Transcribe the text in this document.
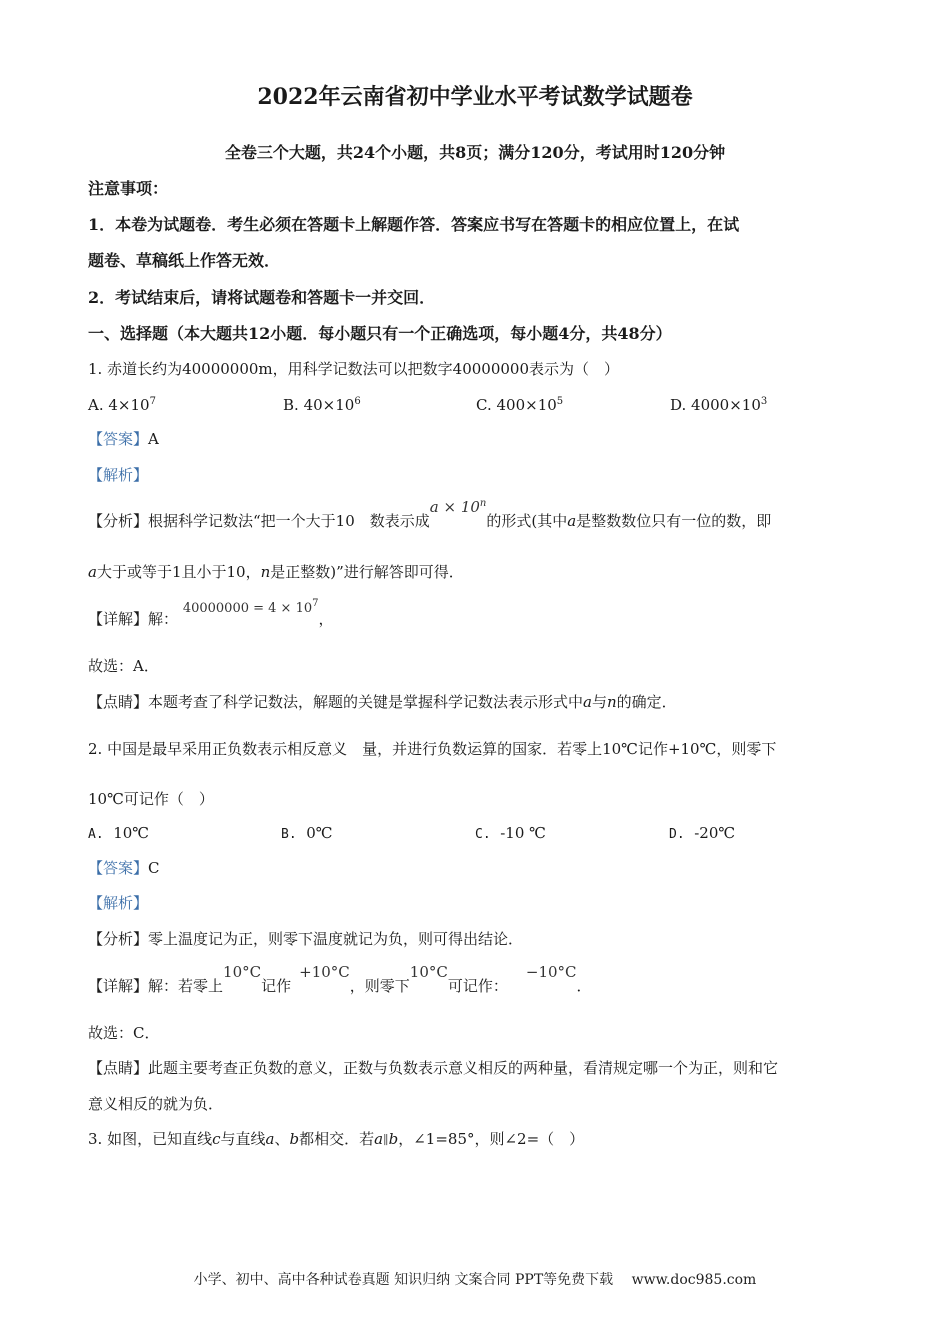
2022年云南省初中学业水平考试数学试题卷
全卷三个大题，共24个小题，共8页；满分120分，考试用时120分钟
注意事项：
1．本卷为试题卷．考生必须在答题卡上解题作答．答案应书写在答题卡的相应位置上，在试
题卷、草稿纸上作答无效．
2．考试结束后，请将试题卷和答题卡一并交回．
一、选择题（本大题共12小题．每小题只有一个正确选项，每小题4分，共48分）
1. 赤道长约为40000000m，用科学记数法可以把数字40000000表示为（　）
A. $4\times 10^7$	B. $40\times 10^6$	C. $400\times 10^5$	D. $4000\times 10^3$
【答案】A
【解析】
【分析】根据科学记数法“把一个大于10　数表示成$a \times 10^n$的形式(其中a是整数数位只有一位的数，即
a大于或等于1且小于10，n是正整数)”进行解答即可得．
【详解】解： $40000000 = 4 \times 10^7$，
故选：A．
【点睛】本题考查了科学记数法，解题的关键是掌握科学记数法表示形式中a与n的确定．
2. 中国是最早采用正负数表示相反意义　量，并进行负数运算的国家．若零上10℃记作+10℃，则零下
10℃可记作（　）
A. 10℃	B. 0℃	C. -10 ℃	D. -20℃
【答案】C
【解析】
【分析】零上温度记为正，则零下温度就记为负，则可得出结论．
【详解】解：若零上10°C记作+10°C，则零下10°C可记作：−10°C．
故选：C．
【点睛】此题主要考查正负数的意义，正数与负数表示意义相反的两种量，看清规定哪一个为正，则和它
意义相反的就为负．
3. 如图，已知直线c与直线a、b都相交．若a∥b，∠1=85°，则∠2=（　）
小学、初中、高中各种试卷真题 知识归纳 文案合同 PPT等免费下载　 www.doc985.com
